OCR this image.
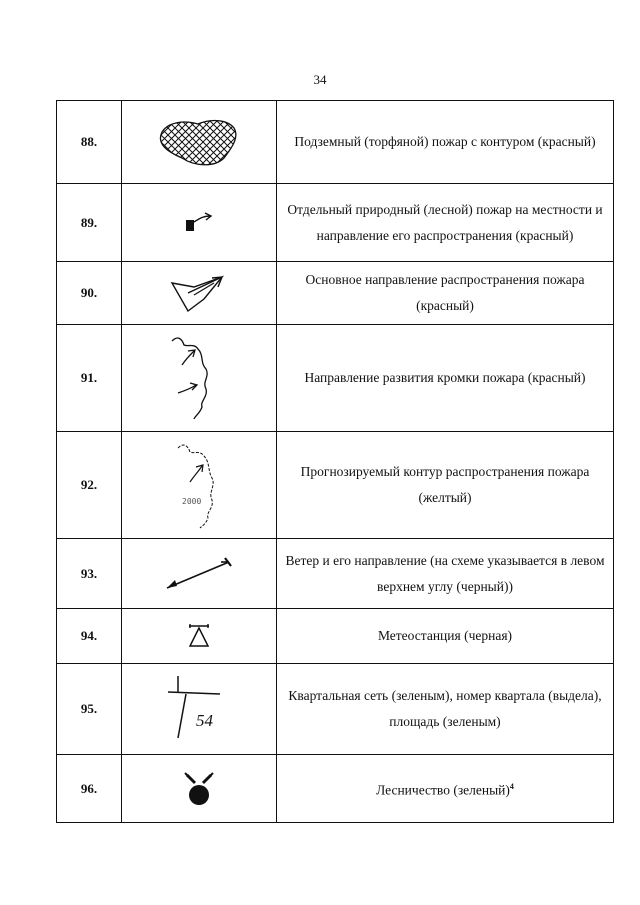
34
88.		Подземный (торфяной) пожар с контуром (красный)
89.		Отдельный природный (лесной) пожар на местности и направление его распространения (красный)
90.		Основное направление распространения пожара (красный)
91.		Направление развития кромки пожара (красный)
92.	2000	Прогнозируемый контур распространения пожара (желтый)
93.		Ветер и его направление (на схеме указывается в левом верхнем углу (черный))
94.		Метеостанция (черная)
95.	54	Квартальная сеть (зеленым), номер квартала (выдела), площадь (зеленым)
96.		Лесничество (зеленый)$^4$
